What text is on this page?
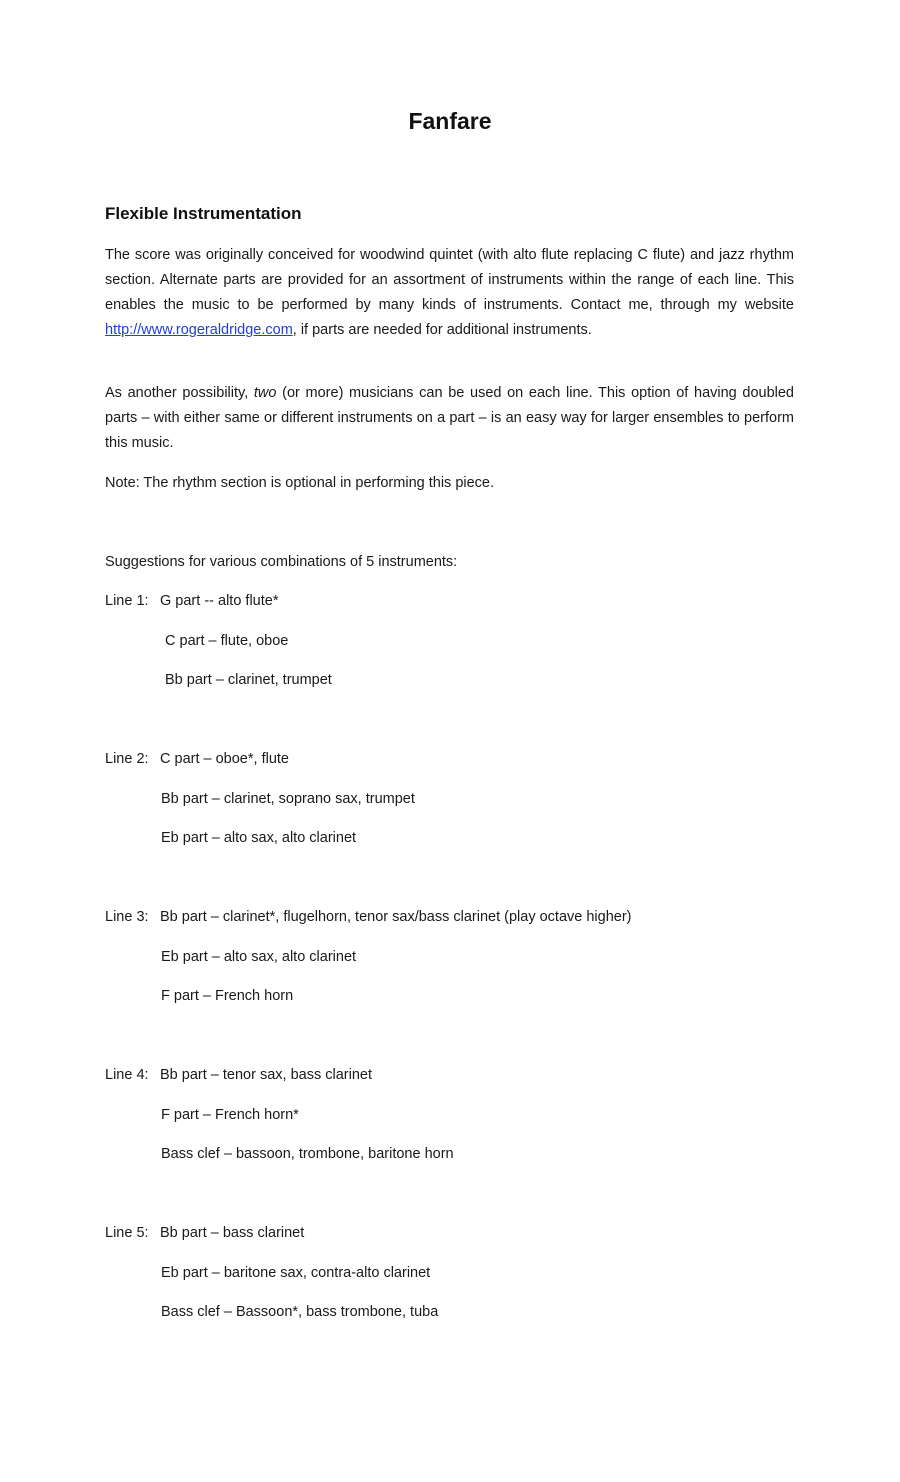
Fanfare
Flexible Instrumentation

The score was originally conceived for woodwind quintet (with alto flute replacing C flute) and jazz rhythm section. Alternate parts are provided for an assortment of instruments within the range of each line. This enables the music to be performed by many kinds of instruments. Contact me, through my website http://www.rogeraldridge.com, if parts are needed for additional instruments.

As another possibility, two (or more) musicians can be used on each line. This option of having doubled parts – with either same or different instruments on a part – is an easy way for larger ensembles to perform this music.

Note: The rhythm section is optional in performing this piece.

Suggestions for various combinations of 5 instruments:

Line 1: G part -- alto flute*

C part – flute, oboe

Bb part – clarinet, trumpet

Line 2: C part – oboe*, flute

Bb part – clarinet, soprano sax, trumpet

Eb part – alto sax, alto clarinet

Line 3: Bb part – clarinet*, flugelhorn, tenor sax/bass clarinet (play octave higher)

Eb part – alto sax, alto clarinet

F part – French horn

Line 4: Bb part – tenor sax, bass clarinet

F part – French horn*

Bass clef – bassoon, trombone, baritone horn

Line 5: Bb part – bass clarinet

Eb part – baritone sax, contra-alto clarinet

Bass clef – Bassoon*, bass trombone, tuba
